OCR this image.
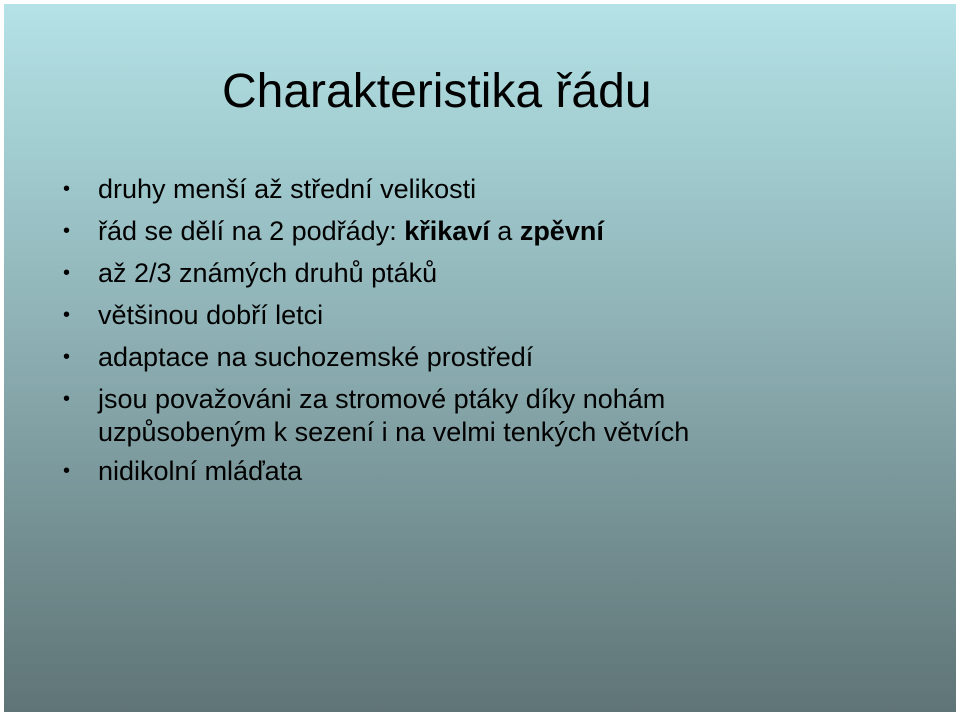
Charakteristika řádu
• druhy menší až střední velikosti
• řád se dělí na 2 podřády: křikaví a zpěvní
• až 2/3 známých druhů ptáků
• většinou dobří letci
• adaptace na suchozemské prostředí
• jsou považováni za stromové ptáky díky nohám
uzpůsobeným k sezení i na velmi tenkých větvích
• nidikolní mláďata
